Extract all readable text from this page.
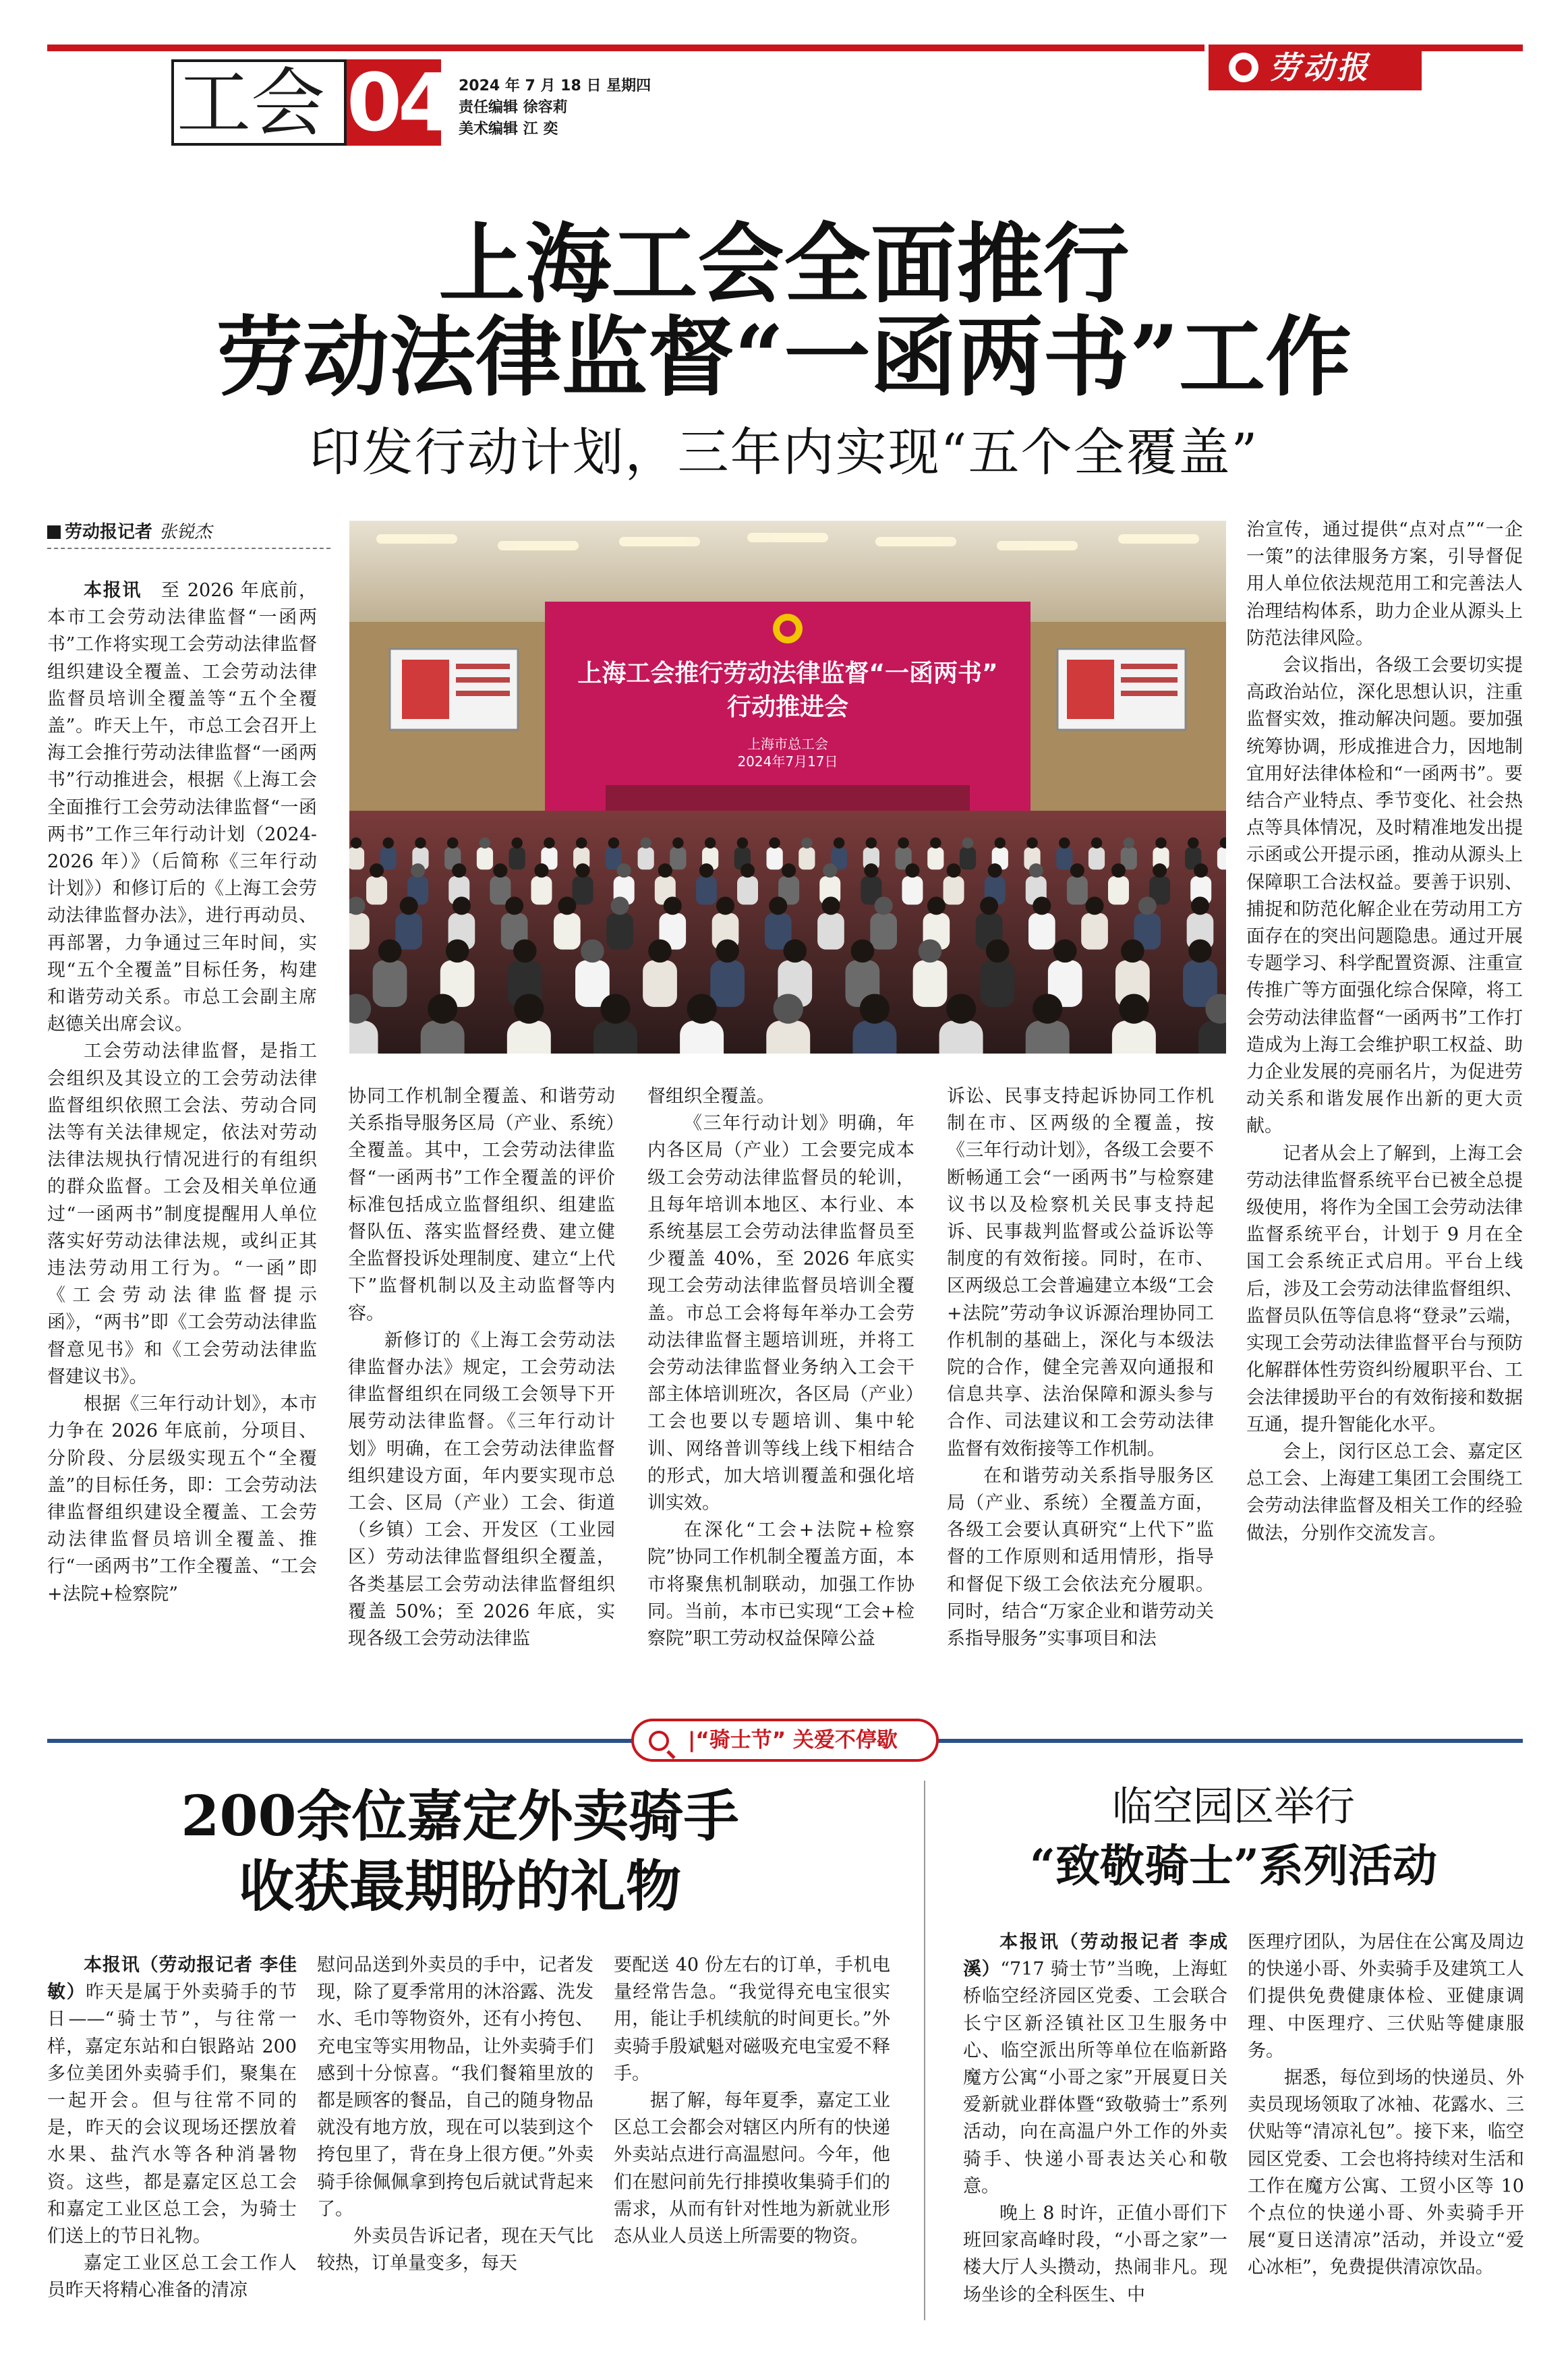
工会 04 2024 年 7 月 18 日 星期四
责任编辑 徐容莉
美术编辑 江 奕
劳动报
上海工会全面推行
劳动法律监督“一函两书”工作
印发行动计划，三年内实现“五个全覆盖”
劳动报记者 张锐杰
上海工会推行劳动法律监督“一函两书”
行动推进会
上海市总工会
2024年7月17日

本报讯　 至 2026 年底前，本市工会劳动法律监督“一函两书”工作将实现工会劳动法律监督组织建设全覆盖、工会劳动法律监督员培训全覆盖等“五个全覆盖”。昨天上午，市总工会召开上海工会推行劳动法律监督“一函两书”行动推进会，根据《上海工会全面推行工会劳动法律监督“一函两书”工作三年行动计划（2024-2026 年）》（后简称《三年行动计划》）和修订后的《上海工会劳动法律监督办法》，进行再动员、再部署，力争通过三年时间，实现“五个全覆盖”目标任务，构建和谐劳动关系。市总工会副主席赵德关出席会议。

工会劳动法律监督，是指工会组织及其设立的工会劳动法律监督组织依照工会法、劳动合同法等有关法律规定，依法对劳动法律法规执行情况进行的有组织的群众监督。工会及相关单位通过“一函两书”制度提醒用人单位落实好劳动法律法规，或纠正其违法劳动用工行为。“一函”即《工会劳动法律监督提示函》，“两书”即《工会劳动法律监督意见书》和《工会劳动法律监督建议书》。

根据《三年行动计划》，本市力争在 2026 年底前，分项目、分阶段、分层级实现五个“全覆盖”的目标任务，即：工会劳动法律监督组织建设全覆盖、工会劳动法律监督员培训全覆盖、推行“一函两书”工作全覆盖、“工会+法院+检察院”

协同工作机制全覆盖、和谐劳动关系指导服务区局（产业、系统）全覆盖。其中，工会劳动法律监督“一函两书”工作全覆盖的评价标准包括成立监督组织、组建监督队伍、落实监督经费、建立健全监督投诉处理制度、建立“上代下”监督机制以及主动监督等内容。

新修订的《上海工会劳动法律监督办法》规定，工会劳动法律监督组织在同级工会领导下开展劳动法律监督。《三年行动计划》明确，在工会劳动法律监督组织建设方面，年内要实现市总工会、区局（产业）工会、街道（乡镇）工会、开发区（工业园区）劳动法律监督组织全覆盖，各类基层工会劳动法律监督组织覆盖 50%；至 2026 年底，实现各级工会劳动法律监

督组织全覆盖。

《三年行动计划》明确，年内各区局（产业）工会要完成本级工会劳动法律监督员的轮训，且每年培训本地区、本行业、本系统基层工会劳动法律监督员至少覆盖 40%，至 2026 年底实现工会劳动法律监督员培训全覆盖。市总工会将每年举办工会劳动法律监督主题培训班，并将工会劳动法律监督业务纳入工会干部主体培训班次，各区局（产业）工会也要以专题培训、集中轮训、网络普训等线上线下相结合的形式，加大培训覆盖和强化培训实效。

在深化“工会+法院+检察院”协同工作机制全覆盖方面，本市将聚焦机制联动，加强工作协同。当前，本市已实现“工会+检察院”职工劳动权益保障公益

诉讼、民事支持起诉协同工作机制在市、区两级的全覆盖，按《三年行动计划》，各级工会要不断畅通工会“一函两书”与检察建议书以及检察机关民事支持起诉、民事裁判监督或公益诉讼等制度的有效衔接。同时，在市、区两级总工会普遍建立本级“工会+法院”劳动争议诉源治理协同工作机制的基础上，深化与本级法院的合作，健全完善双向通报和信息共享、法治保障和源头参与合作、司法建议和工会劳动法律监督有效衔接等工作机制。

在和谐劳动关系指导服务区局（产业、系统）全覆盖方面，各级工会要认真研究“上代下”监督的工作原则和适用情形，指导和督促下级工会依法充分履职。同时，结合“万家企业和谐劳动关系指导服务”实事项目和法

治宣传，通过提供“点对点”“一企一策”的法律服务方案，引导督促用人单位依法规范用工和完善法人治理结构体系，助力企业从源头上防范法律风险。

会议指出，各级工会要切实提高政治站位，深化思想认识，注重监督实效，推动解决问题。要加强统筹协调，形成推进合力，因地制宜用好法律体检和“一函两书”。要结合产业特点、季节变化、社会热点等具体情况，及时精准地发出提示函或公开提示函，推动从源头上保障职工合法权益。要善于识别、捕捉和防范化解企业在劳动用工方面存在的突出问题隐患。通过开展专题学习、科学配置资源、注重宣传推广等方面强化综合保障，将工会劳动法律监督“一函两书”工作打造成为上海工会维护职工权益、助力企业发展的亮丽名片，为促进劳动关系和谐发展作出新的更大贡献。

记者从会上了解到，上海工会劳动法律监督系统平台已被全总提级使用，将作为全国工会劳动法律监督系统平台，计划于 9 月在全国工会系统正式启用。平台上线后，涉及工会劳动法律监督组织、监督员队伍等信息将“登录”云端，实现工会劳动法律监督平台与预防化解群体性劳资纠纷履职平台、工会法律援助平台的有效衔接和数据互通，提升智能化水平。

会上，闵行区总工会、嘉定区总工会、上海建工集团工会围绕工会劳动法律监督及相关工作的经验做法，分别作交流发言。

|“骑士节” 关爱不停歇
200余位嘉定外卖骑手
收获最期盼的礼物

本报讯（劳动报记者 李佳敏）昨天是属于外卖骑手的节日——“骑士节”，与往常一样，嘉定东站和白银路站 200 多位美团外卖骑手们，聚集在一起开会。但与往常不同的是，昨天的会议现场还摆放着水果、盐汽水等各种消暑物资。这些，都是嘉定区总工会和嘉定工业区总工会，为骑士们送上的节日礼物。

嘉定工业区总工会工作人员昨天将精心准备的清凉

慰问品送到外卖员的手中，记者发现，除了夏季常用的沐浴露、洗发水、毛巾等物资外，还有小挎包、充电宝等实用物品，让外卖骑手们感到十分惊喜。“我们餐箱里放的都是顾客的餐品，自己的随身物品就没有地方放，现在可以装到这个挎包里了，背在身上很方便。”外卖骑手徐佩佩拿到挎包后就试背起来了。

外卖员告诉记者，现在天气比较热，订单量变多，每天

要配送 40 份左右的订单，手机电量经常告急。“我觉得充电宝很实用，能让手机续航的时间更长。”外卖骑手殷斌魁对磁吸充电宝爱不释手。

据了解，每年夏季，嘉定工业区总工会都会对辖区内所有的快递外卖站点进行高温慰问。今年，他们在慰问前先行排摸收集骑手们的需求，从而有针对性地为新就业形态从业人员送上所需要的物资。

临空园区举行
“致敬骑士”系列活动

本报讯（劳动报记者 李成溪）“717 骑士节”当晚，上海虹桥临空经济园区党委、工会联合长宁区新泾镇社区卫生服务中心、临空派出所等单位在临新路魔方公寓“小哥之家”开展夏日关爱新就业群体暨“致敬骑士”系列活动，向在高温户外工作的外卖骑手、快递小哥表达关心和敬意。

晚上 8 时许，正值小哥们下班回家高峰时段，“小哥之家”一楼大厅人头攒动，热闹非凡。现场坐诊的全科医生、中

医理疗团队，为居住在公寓及周边的快递小哥、外卖骑手及建筑工人们提供免费健康体检、亚健康调理、中医理疗、三伏贴等健康服务。

据悉，每位到场的快递员、外卖员现场领取了冰袖、花露水、三伏贴等“清凉礼包”。接下来，临空园区党委、工会也将持续对生活和工作在魔方公寓、工贸小区等 10 个点位的快递小哥、外卖骑手开展“夏日送清凉”活动，并设立“爱心冰柜”，免费提供清凉饮品。
